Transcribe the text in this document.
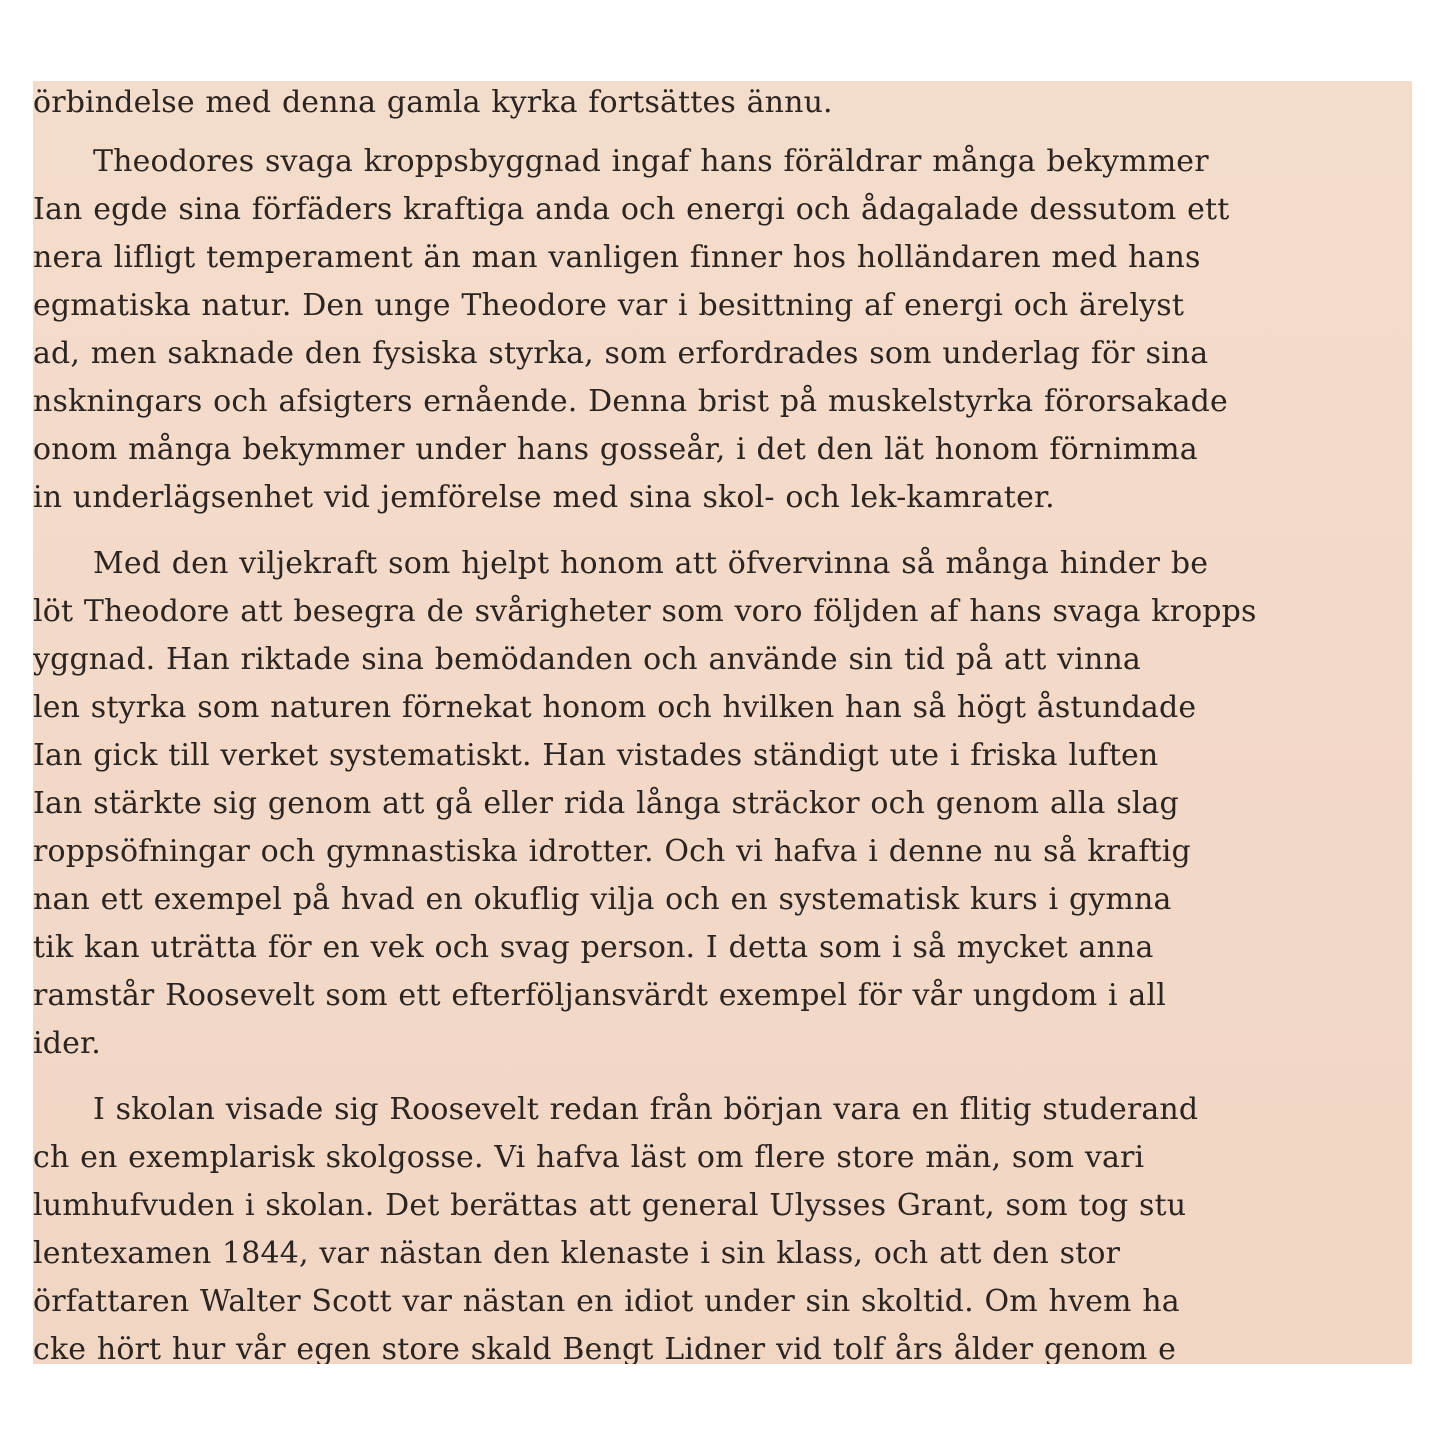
örbindelse med denna gamla kyrka fortsättes ännu.
Theodores svaga kroppsbyggnad ingaf hans föräldrar många bekymmer
Ian egde sina förfäders kraftiga anda och energi och ådagalade dessutom ett
nera lifligt temperament än man vanligen finner hos holländaren med hans
egmatiska natur. Den unge Theodore var i besittning af energi och ärelyst
ad, men saknade den fysiska styrka, som erfordrades som underlag för sina
nskningars och afsigters ernående. Denna brist på muskelstyrka förorsakade
onom många bekymmer under hans gosseår, i det den lät honom förnimma
in underlägsenhet vid jemförelse med sina skol- och lek-kamrater.
Med den viljekraft som hjelpt honom att öfvervinna så många hinder be
löt Theodore att besegra de svårigheter som voro följden af hans svaga kropps
yggnad. Han riktade sina bemödanden och använde sin tid på att vinna
len styrka som naturen förnekat honom och hvilken han så högt åstundade
Ian gick till verket systematiskt. Han vistades ständigt ute i friska luften
Ian stärkte sig genom att gå eller rida långa sträckor och genom alla slag
roppsöfningar och gymnastiska idrotter. Och vi hafva i denne nu så kraftig
nan ett exempel på hvad en okuflig vilja och en systematisk kurs i gymna
tik kan uträtta för en vek och svag person. I detta som i så mycket anna
ramstår Roosevelt som ett efterföljansvärdt exempel för vår ungdom i all
ider.
I skolan visade sig Roosevelt redan från början vara en flitig studerand
ch en exemplarisk skolgosse. Vi hafva läst om flere store män, som vari
lumhufvuden i skolan. Det berättas att general Ulysses Grant, som tog stu
lentexamen 1844, var nästan den klenaste i sin klass, och att den stor
örfattaren Walter Scott var nästan en idiot under sin skoltid. Om hvem ha
cke hört hur vår egen store skald Bengt Lidner vid tolf års ålder genom e
